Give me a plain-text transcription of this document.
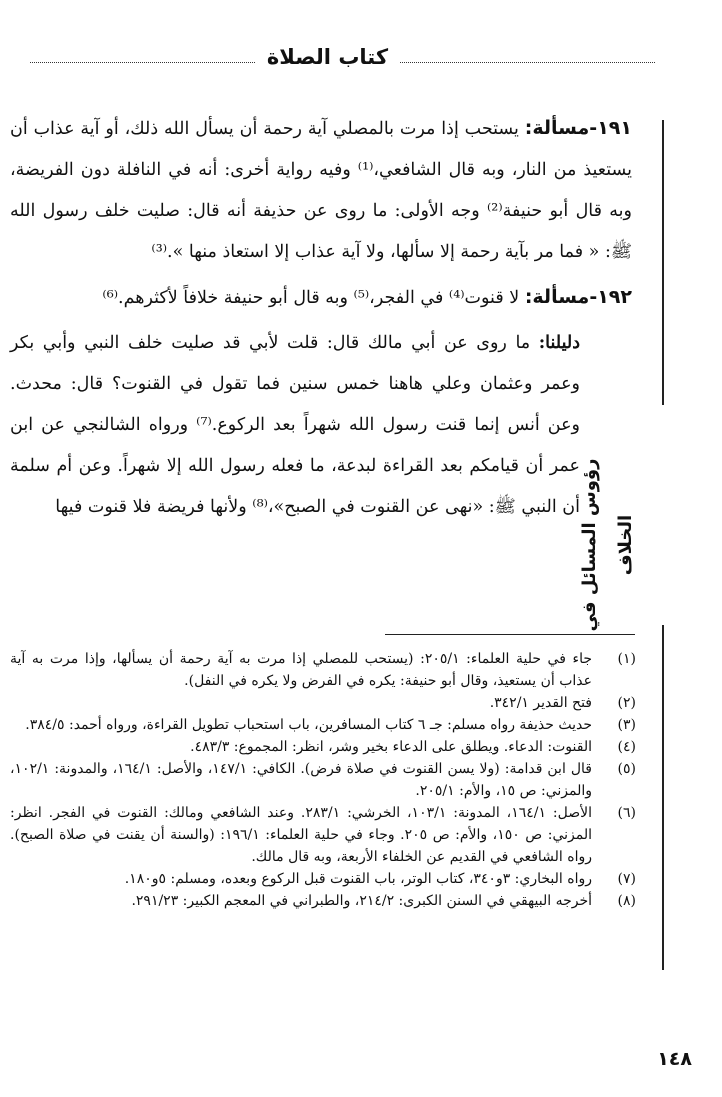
كتاب الصلاة
رؤوس المسائل في الخلاف

١٩١-مسألة: يستحب إذا مرت بالمصلي آية رحمة أن يسأل الله ذلك، أو آية عذاب أن يستعيذ من النار، وبه قال الشافعي،⁽¹⁾ وفيه رواية أخرى: أنه في النافلة دون الفريضة، وبه قال أبو حنيفة⁽²⁾ وجه الأولى: ما روى عن حذيفة أنه قال: صليت خلف رسول الله ﷺ: « فما مر بآية رحمة إلا سألها، ولا آية عذاب إلا استعاذ منها ».⁽³⁾

١٩٢-مسألة: لا قنوت⁽⁴⁾ في الفجر،⁽⁵⁾ وبه قال أبو حنيفة خلافاً لأكثرهم.⁽⁶⁾

دليلنا: ما روى عن أبي مالك قال: قلت لأبي قد صليت خلف النبي وأبي بكر وعمر وعثمان وعلي هاهنا خمس سنين فما تقول في القنوت؟ قال: محدث. وعن أنس إنما قنت رسول الله شهراً بعد الركوع.⁽⁷⁾ ورواه الشالنجي عن ابن عمر أن قيامكم بعد القراءة لبدعة، ما فعله رسول الله إلا شهراً. وعن أم سلمة أن النبي ﷺ: «نهى عن القنوت في الصبح»،⁽⁸⁾ ولأنها فريضة فلا قنوت فيها

(١)
جاء في حلية العلماء: ٢٠٥/١: (يستحب للمصلي إذا مرت به آية رحمة أن يسألها، وإذا مرت به آية عذاب أن يستعيذ، وقال أبو حنيفة: يكره في الفرض ولا يكره في النفل).
(٢)
فتح القدير ٣٤٢/١.
(٣)
حديث حذيفة رواه مسلم: جـ ٦ كتاب المسافرين، باب استحباب تطويل القراءة، ورواه أحمد: ٣٨٤/٥.
(٤)
القنوت: الدعاء. ويطلق على الدعاء بخير وشر، انظر: المجموع: ٤٨٣/٣.
(٥)
قال ابن قدامة: (ولا يسن القنوت في صلاة فرض). الكافي: ١٤٧/١، والأصل: ١٦٤/١، والمدونة: ١٠٢/١، والمزني: ص ١٥، والأم: ٢٠٥/١.
(٦)
الأصل: ١٦٤/١، المدونة: ١٠٣/١، الخرشي: ٢٨٣/١. وعند الشافعي ومالك: القنوت في الفجر. انظر: المزني: ص ١٥٠، والأم: ص ٢٠٥. وجاء في حلية العلماء: ١٩٦/١: (والسنة أن يقنت في صلاة الصبح). رواه الشافعي في القديم عن الخلفاء الأربعة، وبه قال مالك.
(٧)
رواه البخاري: ٣و٣٤٠، كتاب الوتر، باب القنوت قبل الركوع وبعده، ومسلم: ٥و١٨٠.
(٨)
أخرجه البيهقي في السنن الكبرى: ٢١٤/٢، والطبراني في المعجم الكبير: ٢٩١/٢٣.
١٤٨
